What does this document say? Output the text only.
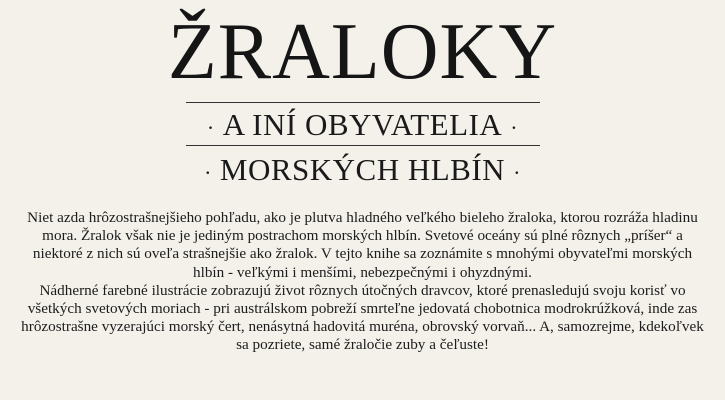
ŽRALOKY
· A INÍ OBYVATELIA ·
· MORSKÝCH HLBÍN ·

Niet azda hrôzostrašnejšieho pohľadu, ako je plutva hladného veľkého bieleho žraloka, ktorou rozráža hladinu mora. Žralok však nie je jediným postrachom morských hlbín. Svetové oceány sú plné rôznych „príšer“ a niektoré z nich sú oveľa strašnejšie ako žralok. V tejto knihe sa zoznámite s mnohými obyvateľmi morských hlbín - veľkými i menšími, nebezpečnými i ohyzdnými.

Nádherné farebné ilustrácie zobrazujú život rôznych útočných dravcov, ktoré prenasledujú svoju korisť vo všetkých svetových moriach - pri austrálskom pobreží smrteľne jedovatá chobotnica modrokrúžková, inde zas hrôzostrašne vyzerajúci morský čert, nenásytná hadovitá muréna, obrovský vorvaň... A, samozrejme, kdekoľvek sa pozriete, samé žraločie zuby a čeľuste!
